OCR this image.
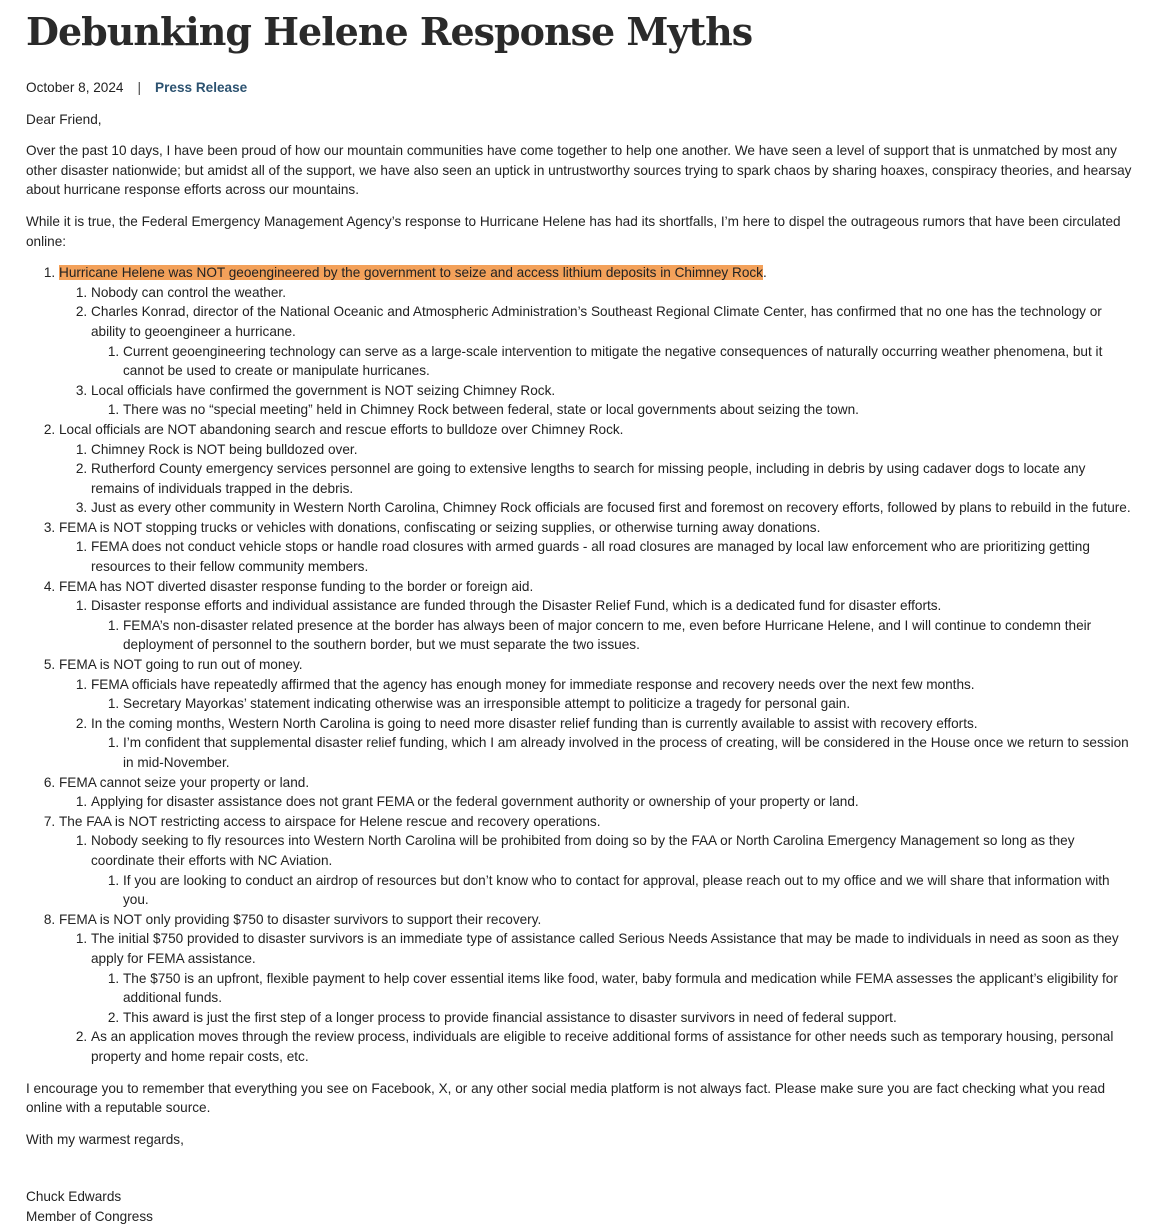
Debunking Helene Response Myths
October 8, 2024 | Press Release

Dear Friend,

Over the past 10 days, I have been proud of how our mountain communities have come together to help one another. We have seen a level of support that is unmatched by most any other disaster nationwide; but amidst all of the support, we have also seen an uptick in untrustworthy sources trying to spark chaos by sharing hoaxes, conspiracy theories, and hearsay about hurricane response efforts across our mountains.

While it is true, the Federal Emergency Management Agency’s response to Hurricane Helene has had its shortfalls, I’m here to dispel the outrageous rumors that have been circulated online:

1. Hurricane Helene was NOT geoengineered by the government to seize and access lithium deposits in Chimney Rock.
1. Nobody can control the weather.
2. Charles Konrad, director of the National Oceanic and Atmospheric Administration’s Southeast Regional Climate Center, has confirmed that no one has the technology or ability to geoengineer a hurricane.
1. Current geoengineering technology can serve as a large-scale intervention to mitigate the negative consequences of naturally occurring weather phenomena, but it cannot be used to create or manipulate hurricanes.
3. Local officials have confirmed the government is NOT seizing Chimney Rock.
1. There was no “special meeting” held in Chimney Rock between federal, state or local governments about seizing the town.
2. Local officials are NOT abandoning search and rescue efforts to bulldoze over Chimney Rock.
1. Chimney Rock is NOT being bulldozed over.
2. Rutherford County emergency services personnel are going to extensive lengths to search for missing people, including in debris by using cadaver dogs to locate any remains of individuals trapped in the debris.
3. Just as every other community in Western North Carolina, Chimney Rock officials are focused first and foremost on recovery efforts, followed by plans to rebuild in the future.
3. FEMA is NOT stopping trucks or vehicles with donations, confiscating or seizing supplies, or otherwise turning away donations.
1. FEMA does not conduct vehicle stops or handle road closures with armed guards - all road closures are managed by local law enforcement who are prioritizing getting resources to their fellow community members.
4. FEMA has NOT diverted disaster response funding to the border or foreign aid.
1. Disaster response efforts and individual assistance are funded through the Disaster Relief Fund, which is a dedicated fund for disaster efforts.
1. FEMA’s non-disaster related presence at the border has always been of major concern to me, even before Hurricane Helene, and I will continue to condemn their deployment of personnel to the southern border, but we must separate the two issues.
5. FEMA is NOT going to run out of money.
1. FEMA officials have repeatedly affirmed that the agency has enough money for immediate response and recovery needs over the next few months.
1. Secretary Mayorkas’ statement indicating otherwise was an irresponsible attempt to politicize a tragedy for personal gain.
2. In the coming months, Western North Carolina is going to need more disaster relief funding than is currently available to assist with recovery efforts.
1. I’m confident that supplemental disaster relief funding, which I am already involved in the process of creating, will be considered in the House once we return to session in mid-November.
6. FEMA cannot seize your property or land.
1. Applying for disaster assistance does not grant FEMA or the federal government authority or ownership of your property or land.
7. The FAA is NOT restricting access to airspace for Helene rescue and recovery operations.
1. Nobody seeking to fly resources into Western North Carolina will be prohibited from doing so by the FAA or North Carolina Emergency Management so long as they coordinate their efforts with NC Aviation.
1. If you are looking to conduct an airdrop of resources but don’t know who to contact for approval, please reach out to my office and we will share that information with you.
8. FEMA is NOT only providing $750 to disaster survivors to support their recovery.
1. The initial $750 provided to disaster survivors is an immediate type of assistance called Serious Needs Assistance that may be made to individuals in need as soon as they apply for FEMA assistance.
1. The $750 is an upfront, flexible payment to help cover essential items like food, water, baby formula and medication while FEMA assesses the applicant’s eligibility for additional funds.
2. This award is just the first step of a longer process to provide financial assistance to disaster survivors in need of federal support.
2. As an application moves through the review process, individuals are eligible to receive additional forms of assistance for other needs such as temporary housing, personal property and home repair costs, etc.

I encourage you to remember that everything you see on Facebook, X, or any other social media platform is not always fact. Please make sure you are fact checking what you read online with a reputable source.

With my warmest regards,

Chuck Edwards

Member of Congress
